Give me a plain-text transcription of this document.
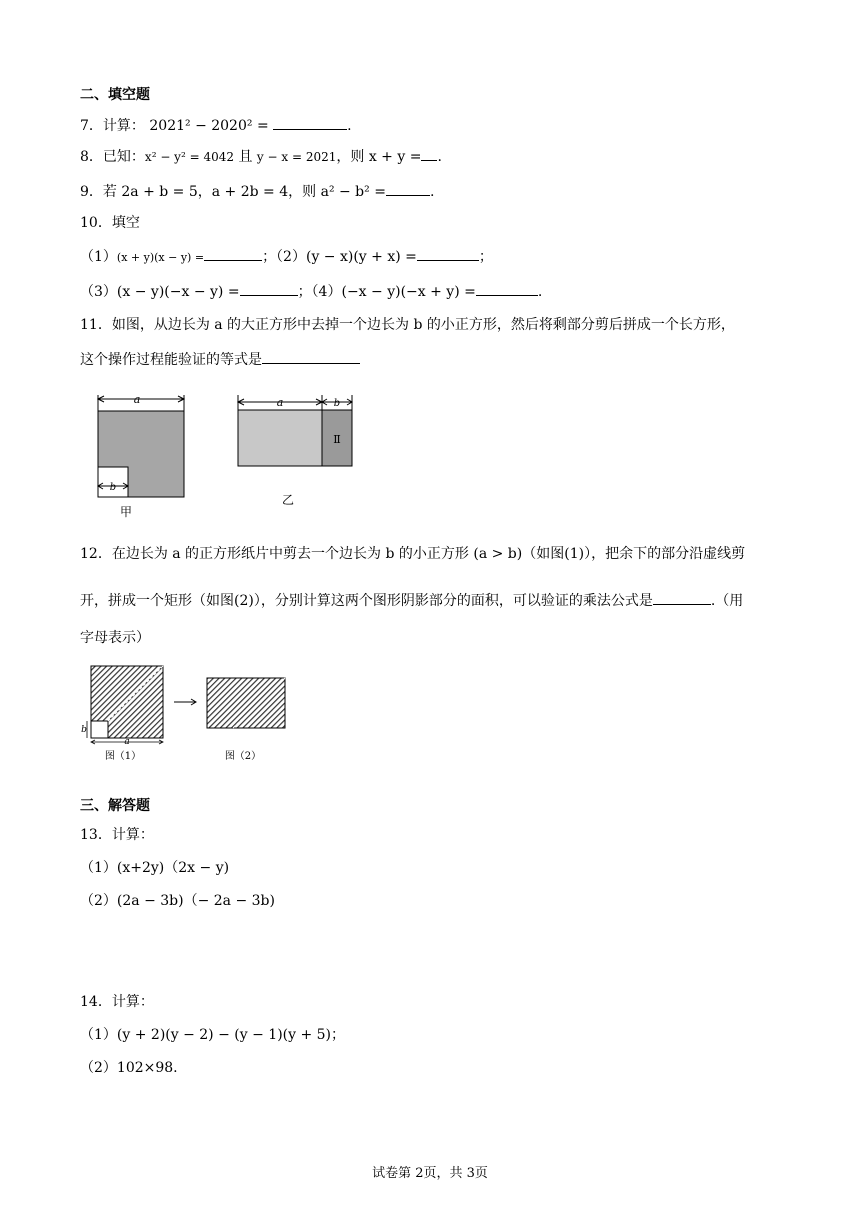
二、填空题
7．计算： 2021² − 2020² =	.
8．已知：x² − y² = 4042 且 y − x = 2021，则 x + y = .
9．若 2a + b = 5，a + 2b = 4，则 a² − b² =	.
10．填空
（1）(x + y)(x − y) =	；（2）(y − x)(y + x) =	；
（3）(x − y)(−x − y) =	；（4）(−x − y)(−x + y) =	.
11．如图，从边长为 a 的大正方形中去掉一个边长为 b 的小正方形，然后将剩部分剪后拼成一个长方形，
这个操作过程能验证的等式是
a
b
甲
a	b
Ⅱ
乙
12．在边长为 a 的正方形纸片中剪去一个边长为 b 的小正方形 (a > b)（如图(1)），把余下的部分沿虚线剪
开，拼成一个矩形（如图(2)），分别计算这两个图形阴影部分的面积，可以验证的乘法公式是	.（用
字母表示）
a
b
图（1）	图（2）
三、解答题
13．计算：
（1）(x+2y)（2x − y)
（2）(2a − 3b)（− 2a − 3b)
14．计算：
（1）(y + 2)(y − 2) − (y − 1)(y + 5)；
（2）102×98.
试卷第 2页，共 3页
